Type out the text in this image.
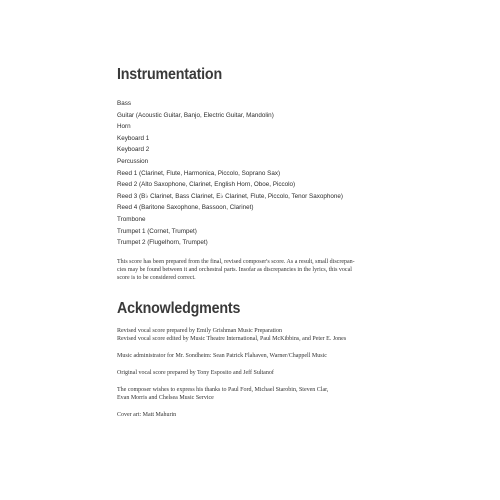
Instrumentation
Bass
Guitar (Acoustic Guitar, Banjo, Electric Guitar, Mandolin)
Horn
Keyboard 1
Keyboard 2
Percussion
Reed 1 (Clarinet, Flute, Harmonica, Piccolo, Soprano Sax)
Reed 2 (Alto Saxophone, Clarinet, English Horn, Oboe, Piccolo)
Reed 3 (B♭ Clarinet, Bass Clarinet, E♭ Clarinet, Flute, Piccolo, Tenor Saxophone)
Reed 4 (Baritone Saxophone, Bassoon, Clarinet)
Trombone
Trumpet 1 (Cornet, Trumpet)
Trumpet 2 (Flugelhorn, Trumpet)

This score has been prepared from the final, revised composer's score. As a result, small discrepan-
cies may be found between it and orchestral parts. Insofar as discrepancies in the lyrics, this vocal
score is to be considered correct.

Acknowledgments

Revised vocal score prepared by Emily Grishman Music Preparation
Revised vocal score edited by Music Theatre International, Paul McKibbins, and Peter E. Jones

Music administrator for Mr. Sondheim: Sean Patrick Flahaven, Warner/Chappell Music

Original vocal score prepared by Tony Esposito and Jeff Sultanof

The composer wishes to express his thanks to Paul Ford, Michael Starobin, Steven Clar,
Evan Morris and Chelsea Music Service

Cover art: Matt Mahurin
